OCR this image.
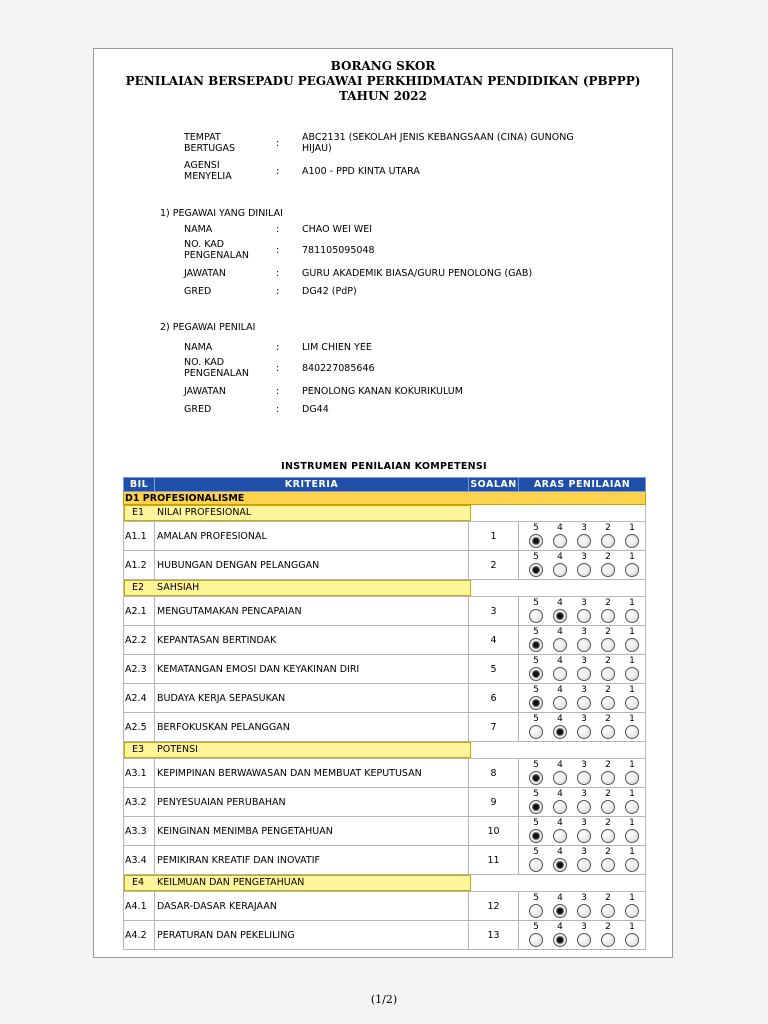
BORANG SKOR
PENILAIAN BERSEPADU PEGAWAI PERKHIDMATAN PENDIDIKAN (PBPPP)
TAHUN 2022
TEMPAT BERTUGAS	:
ABC2131 (SEKOLAH JENIS KEBANGSAAN (CINA) GUNONG HIJAU)
AGENSI MENYELIA	: A100 - PPD KINTA UTARA
1) PEGAWAI YANG DINILAI
NAMA	: CHAO WEI WEI
NO. KAD PENGENALAN	: 781105095048
JAWATAN	: GURU AKADEMIK BIASA/GURU PENOLONG (GAB)
GRED	: DG42 (PdP)
2) PEGAWAI PENILAI
NAMA	: LIM CHIEN YEE
NO. KAD PENGENALAN	: 840227085646
JAWATAN	: PENOLONG KANAN KOKURIKULUM
GRED	: DG44
INSTRUMEN PENILAIAN KOMPETENSI
BIL	KRITERIA	SOALAN	ARAS PENILAIAN
D1 PROFESIONALISME			

E1 NILAI PROFESIONAL			

A1.1	AMALAN PROFESIONAL	1	5 4 3 2 1

A1.2	HUBUNGAN DENGAN PELANGGAN	2	5 4 3 2 1

E2 SAHSIAH			

A2.1	MENGUTAMAKAN PENCAPAIAN	3	5 4 3 2 1

A2.2	KEPANTASAN BERTINDAK	4	5 4 3 2 1

A2.3	KEMATANGAN EMOSI DAN KEYAKINAN DIRI	5	5 4 3 2 1

A2.4	BUDAYA KERJA SEPASUKAN	6	5 4 3 2 1

A2.5	BERFOKUSKAN PELANGGAN	7	5 4 3 2 1

E3 POTENSI			

A3.1	KEPIMPINAN BERWAWASAN DAN MEMBUAT KEPUTUSAN	8	5 4 3 2 1

A3.2	PENYESUAIAN PERUBAHAN	9	5 4 3 2 1

A3.3	KEINGINAN MENIMBA PENGETAHUAN	10	5 4 3 2 1

A3.4	PEMIKIRAN KREATIF DAN INOVATIF	11	5 4 3 2 1

E4 KEILMUAN DAN PENGETAHUAN			

A4.1	DASAR-DASAR KERAJAAN	12	5 4 3 2 1

A4.2	PERATURAN DAN PEKELILING	13	5 4 3 2 1
(1/2)
